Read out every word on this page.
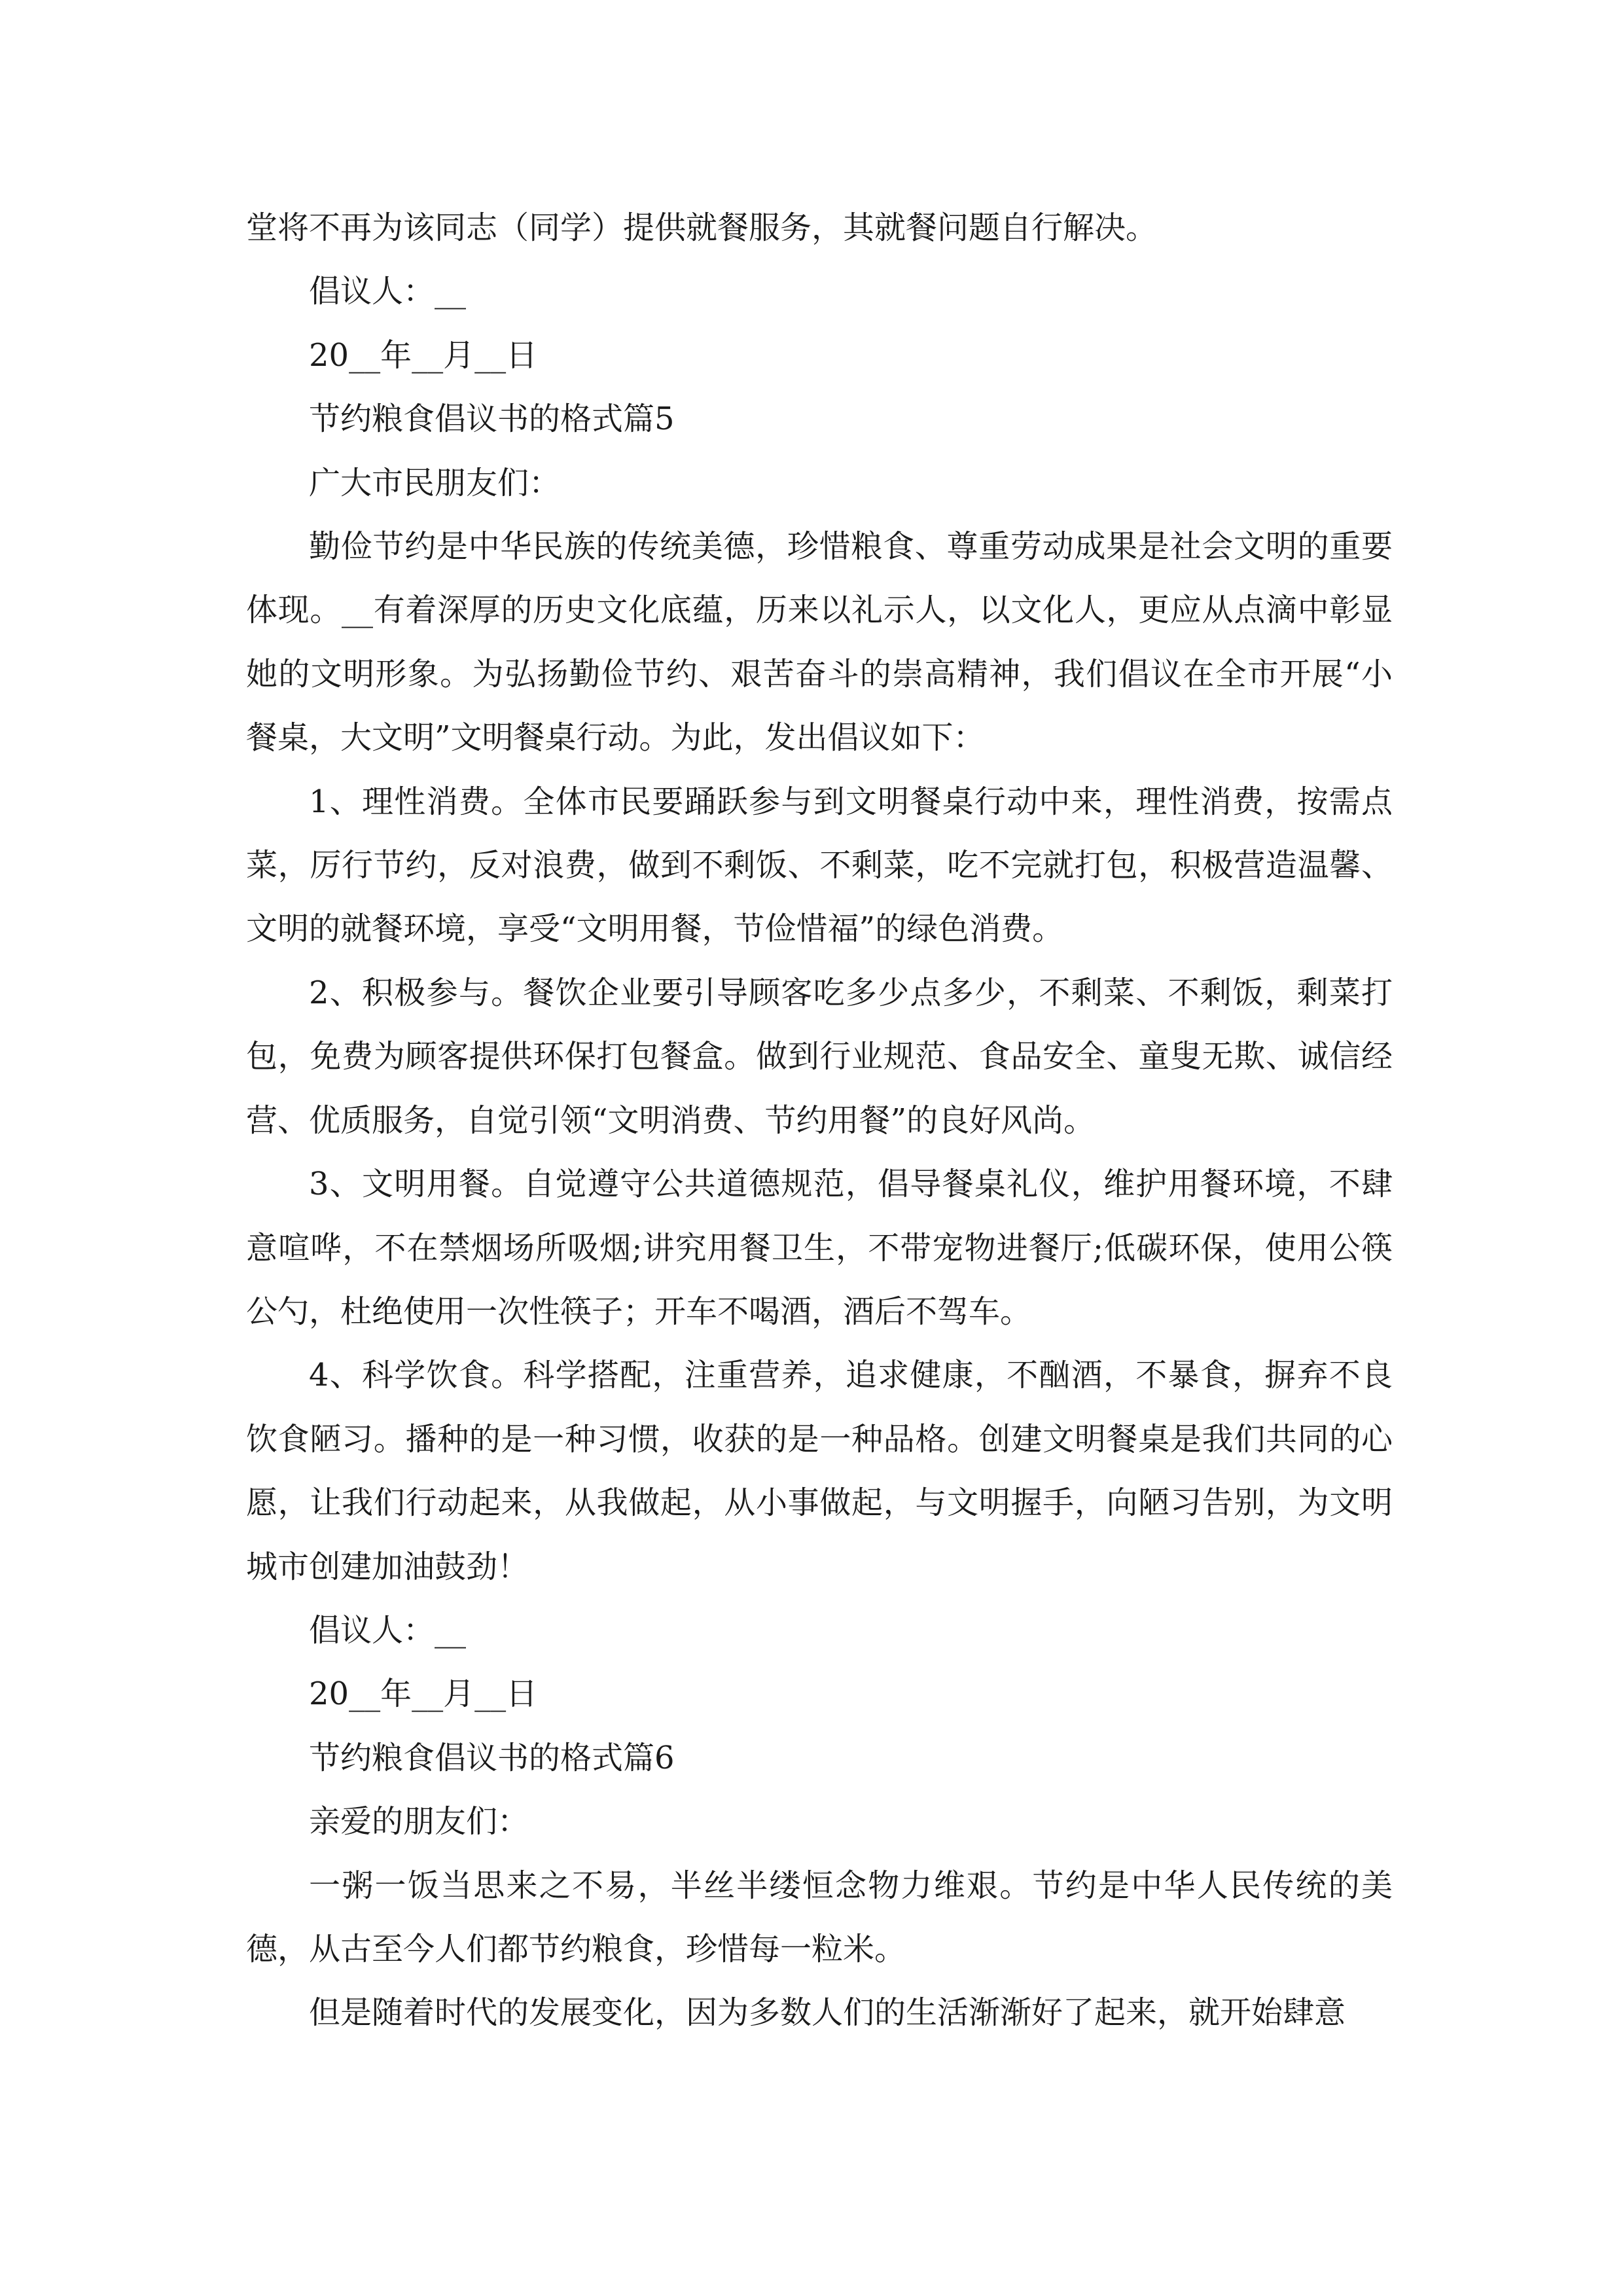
堂将不再为该同志（同学）提供就餐服务，其就餐问题自行解决。

倡议人：__

20__年__月__日

节约粮食倡议书的格式篇5

广大市民朋友们：

勤俭节约是中华民族的传统美德，珍惜粮食、尊重劳动成果是社会文明的重要体现。__有着深厚的历史文化底蕴，历来以礼示人，以文化人，更应从点滴中彰显她的文明形象。为弘扬勤俭节约、艰苦奋斗的崇高精神，我们倡议在全市开展“小餐桌，大文明”文明餐桌行动。为此，发出倡议如下：

1、理性消费。全体市民要踊跃参与到文明餐桌行动中来，理性消费，按需点菜，厉行节约，反对浪费，做到不剩饭、不剩菜，吃不完就打包，积极营造温馨、文明的就餐环境，享受“文明用餐，节俭惜福”的绿色消费。

2、积极参与。餐饮企业要引导顾客吃多少点多少，不剩菜、不剩饭，剩菜打包，免费为顾客提供环保打包餐盒。做到行业规范、食品安全、童叟无欺、诚信经营、优质服务，自觉引领“文明消费、节约用餐”的良好风尚。

3、文明用餐。自觉遵守公共道德规范，倡导餐桌礼仪，维护用餐环境，不肆意喧哗，不在禁烟场所吸烟;讲究用餐卫生，不带宠物进餐厅;低碳环保，使用公筷公勺，杜绝使用一次性筷子；开车不喝酒，酒后不驾车。

4、科学饮食。科学搭配，注重营养，追求健康，不酗酒，不暴食，摒弃不良饮食陋习。播种的是一种习惯，收获的是一种品格。创建文明餐桌是我们共同的心愿，让我们行动起来，从我做起，从小事做起，与文明握手，向陋习告别，为文明城市创建加油鼓劲！

倡议人：__

20__年__月__日

节约粮食倡议书的格式篇6

亲爱的朋友们：

一粥一饭当思来之不易，半丝半缕恒念物力维艰。节约是中华人民传统的美德，从古至今人们都节约粮食，珍惜每一粒米。

但是随着时代的发展变化，因为多数人们的生活渐渐好了起来，就开始肆意
